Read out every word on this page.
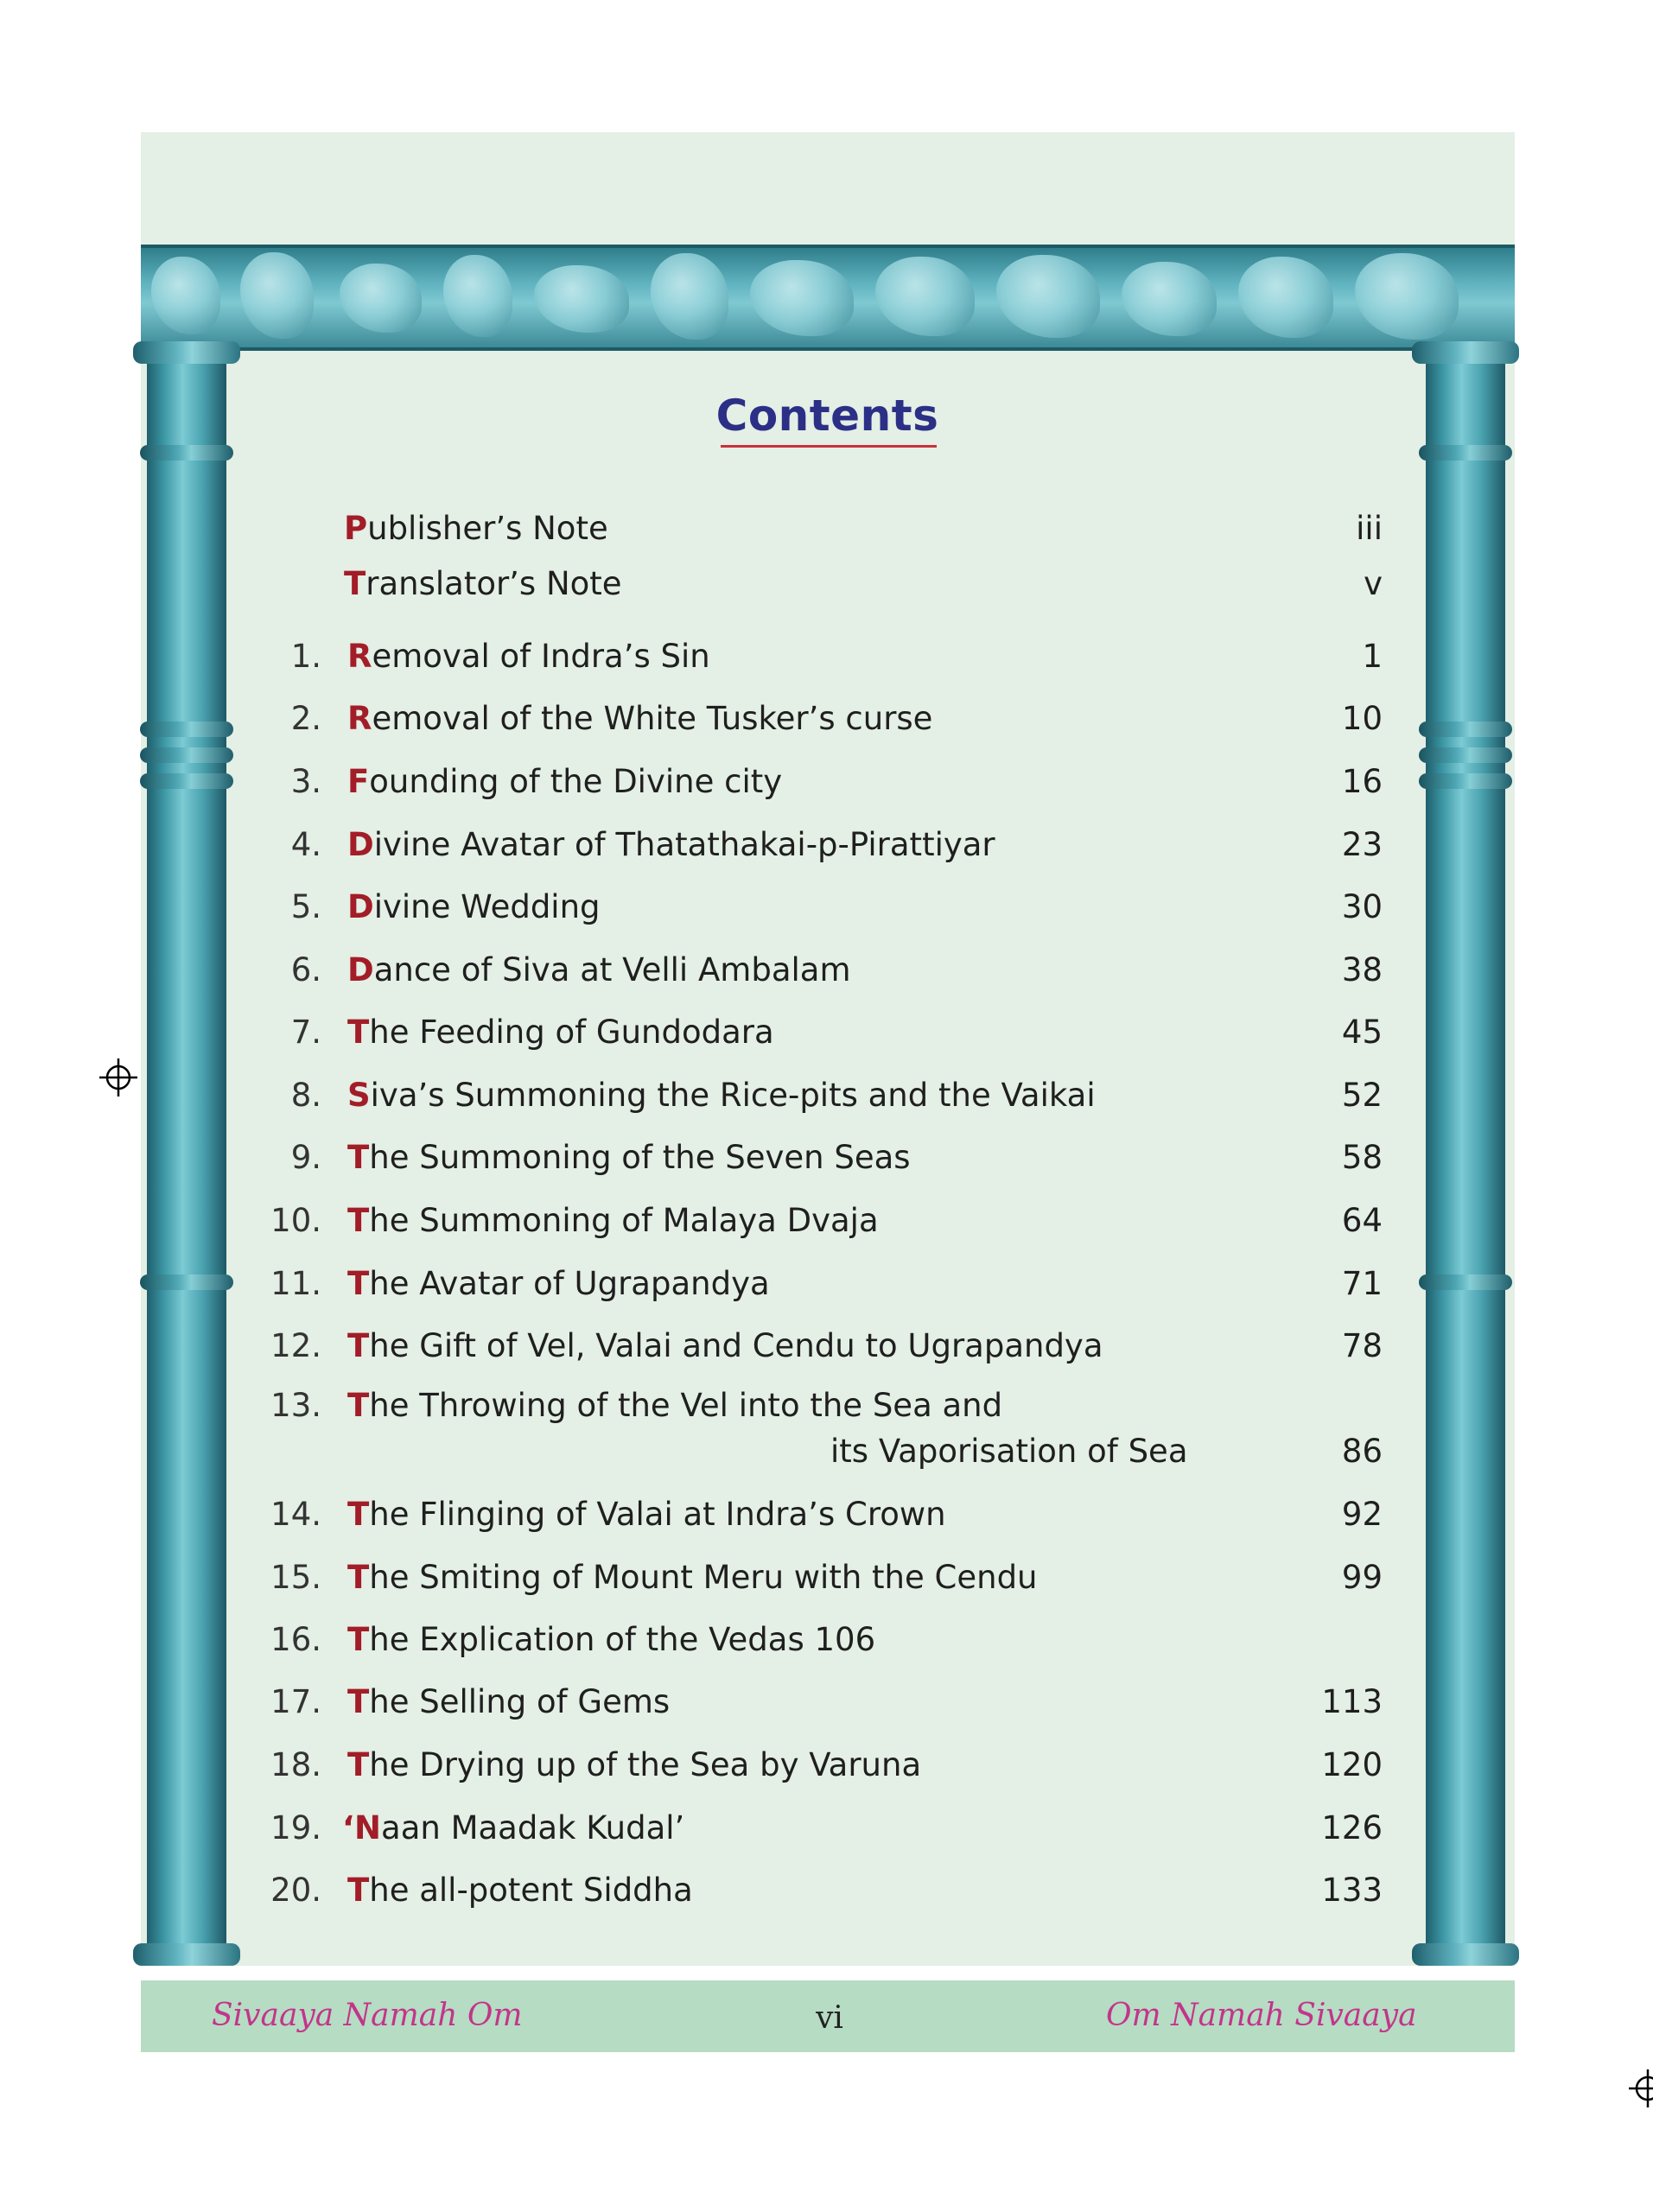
Contents
Publisher’s Note	iii
Translator’s Note	v
1. Removal of Indra’s Sin	1
2. Removal of the White Tusker’s curse	10
3. Founding of the Divine city	16
4. Divine Avatar of Thatathakai-p-Pirattiyar	23
5. Divine Wedding	30
6. Dance of Siva at Velli Ambalam	38
7. The Feeding of Gundodara	45
8. Siva’s Summoning the Rice-pits and the Vaikai	52
9. The Summoning of the Seven Seas	58
10. The Summoning of Malaya Dvaja	64
11. The Avatar of Ugrapandya	71
12. The Gift of Vel, Valai and Cendu to Ugrapandya	78
13. The Throwing of the Vel into the Sea and
its Vaporisation of Sea	86
14. The Flinging of Valai at Indra’s Crown	92
15. The Smiting of Mount Meru with the Cendu	99
16. The Explication of the Vedas 106
17. The Selling of Gems	113
18. The Drying up of the Sea by Varuna	120
19. ‘Naan Maadak Kudal’	126
20. The all-potent Siddha	133
Sivaaya Namah Om	vi	Om Namah Sivaaya
